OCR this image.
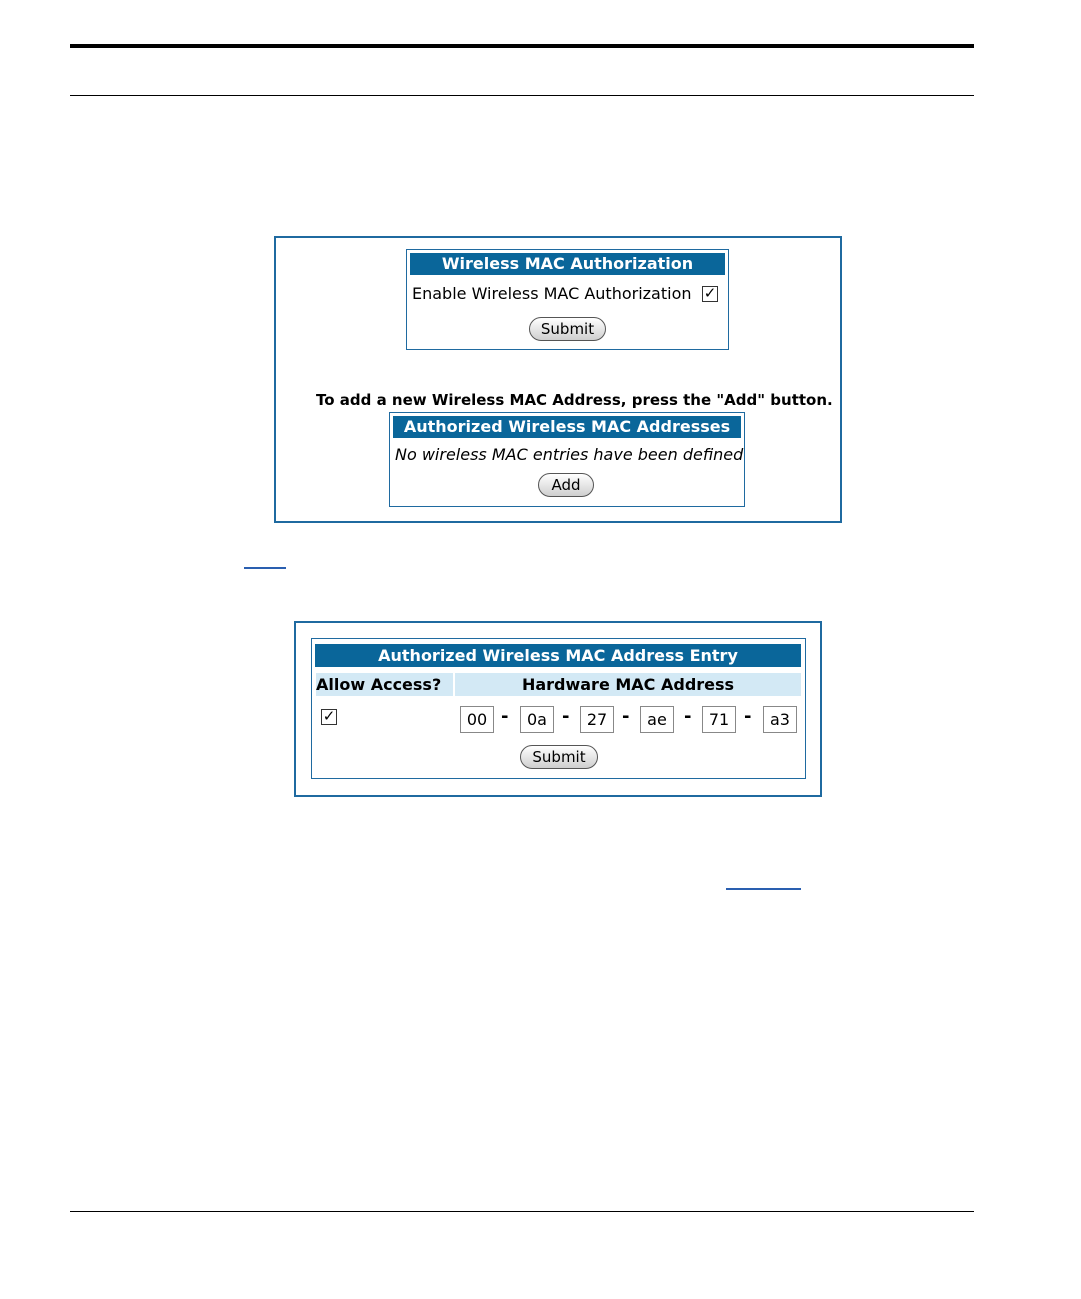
Wireless MAC Authorization
Enable Wireless MAC Authorization ✓
Submit
To add a new Wireless MAC Address, press the "Add" button.
Authorized Wireless MAC Addresses
No wireless MAC entries have been defined
Add
Authorized Wireless MAC Address Entry
Allow Access?	Hardware MAC Address
✓	00 -	0a -	27 -	ae -	71 -	a3
Submit
